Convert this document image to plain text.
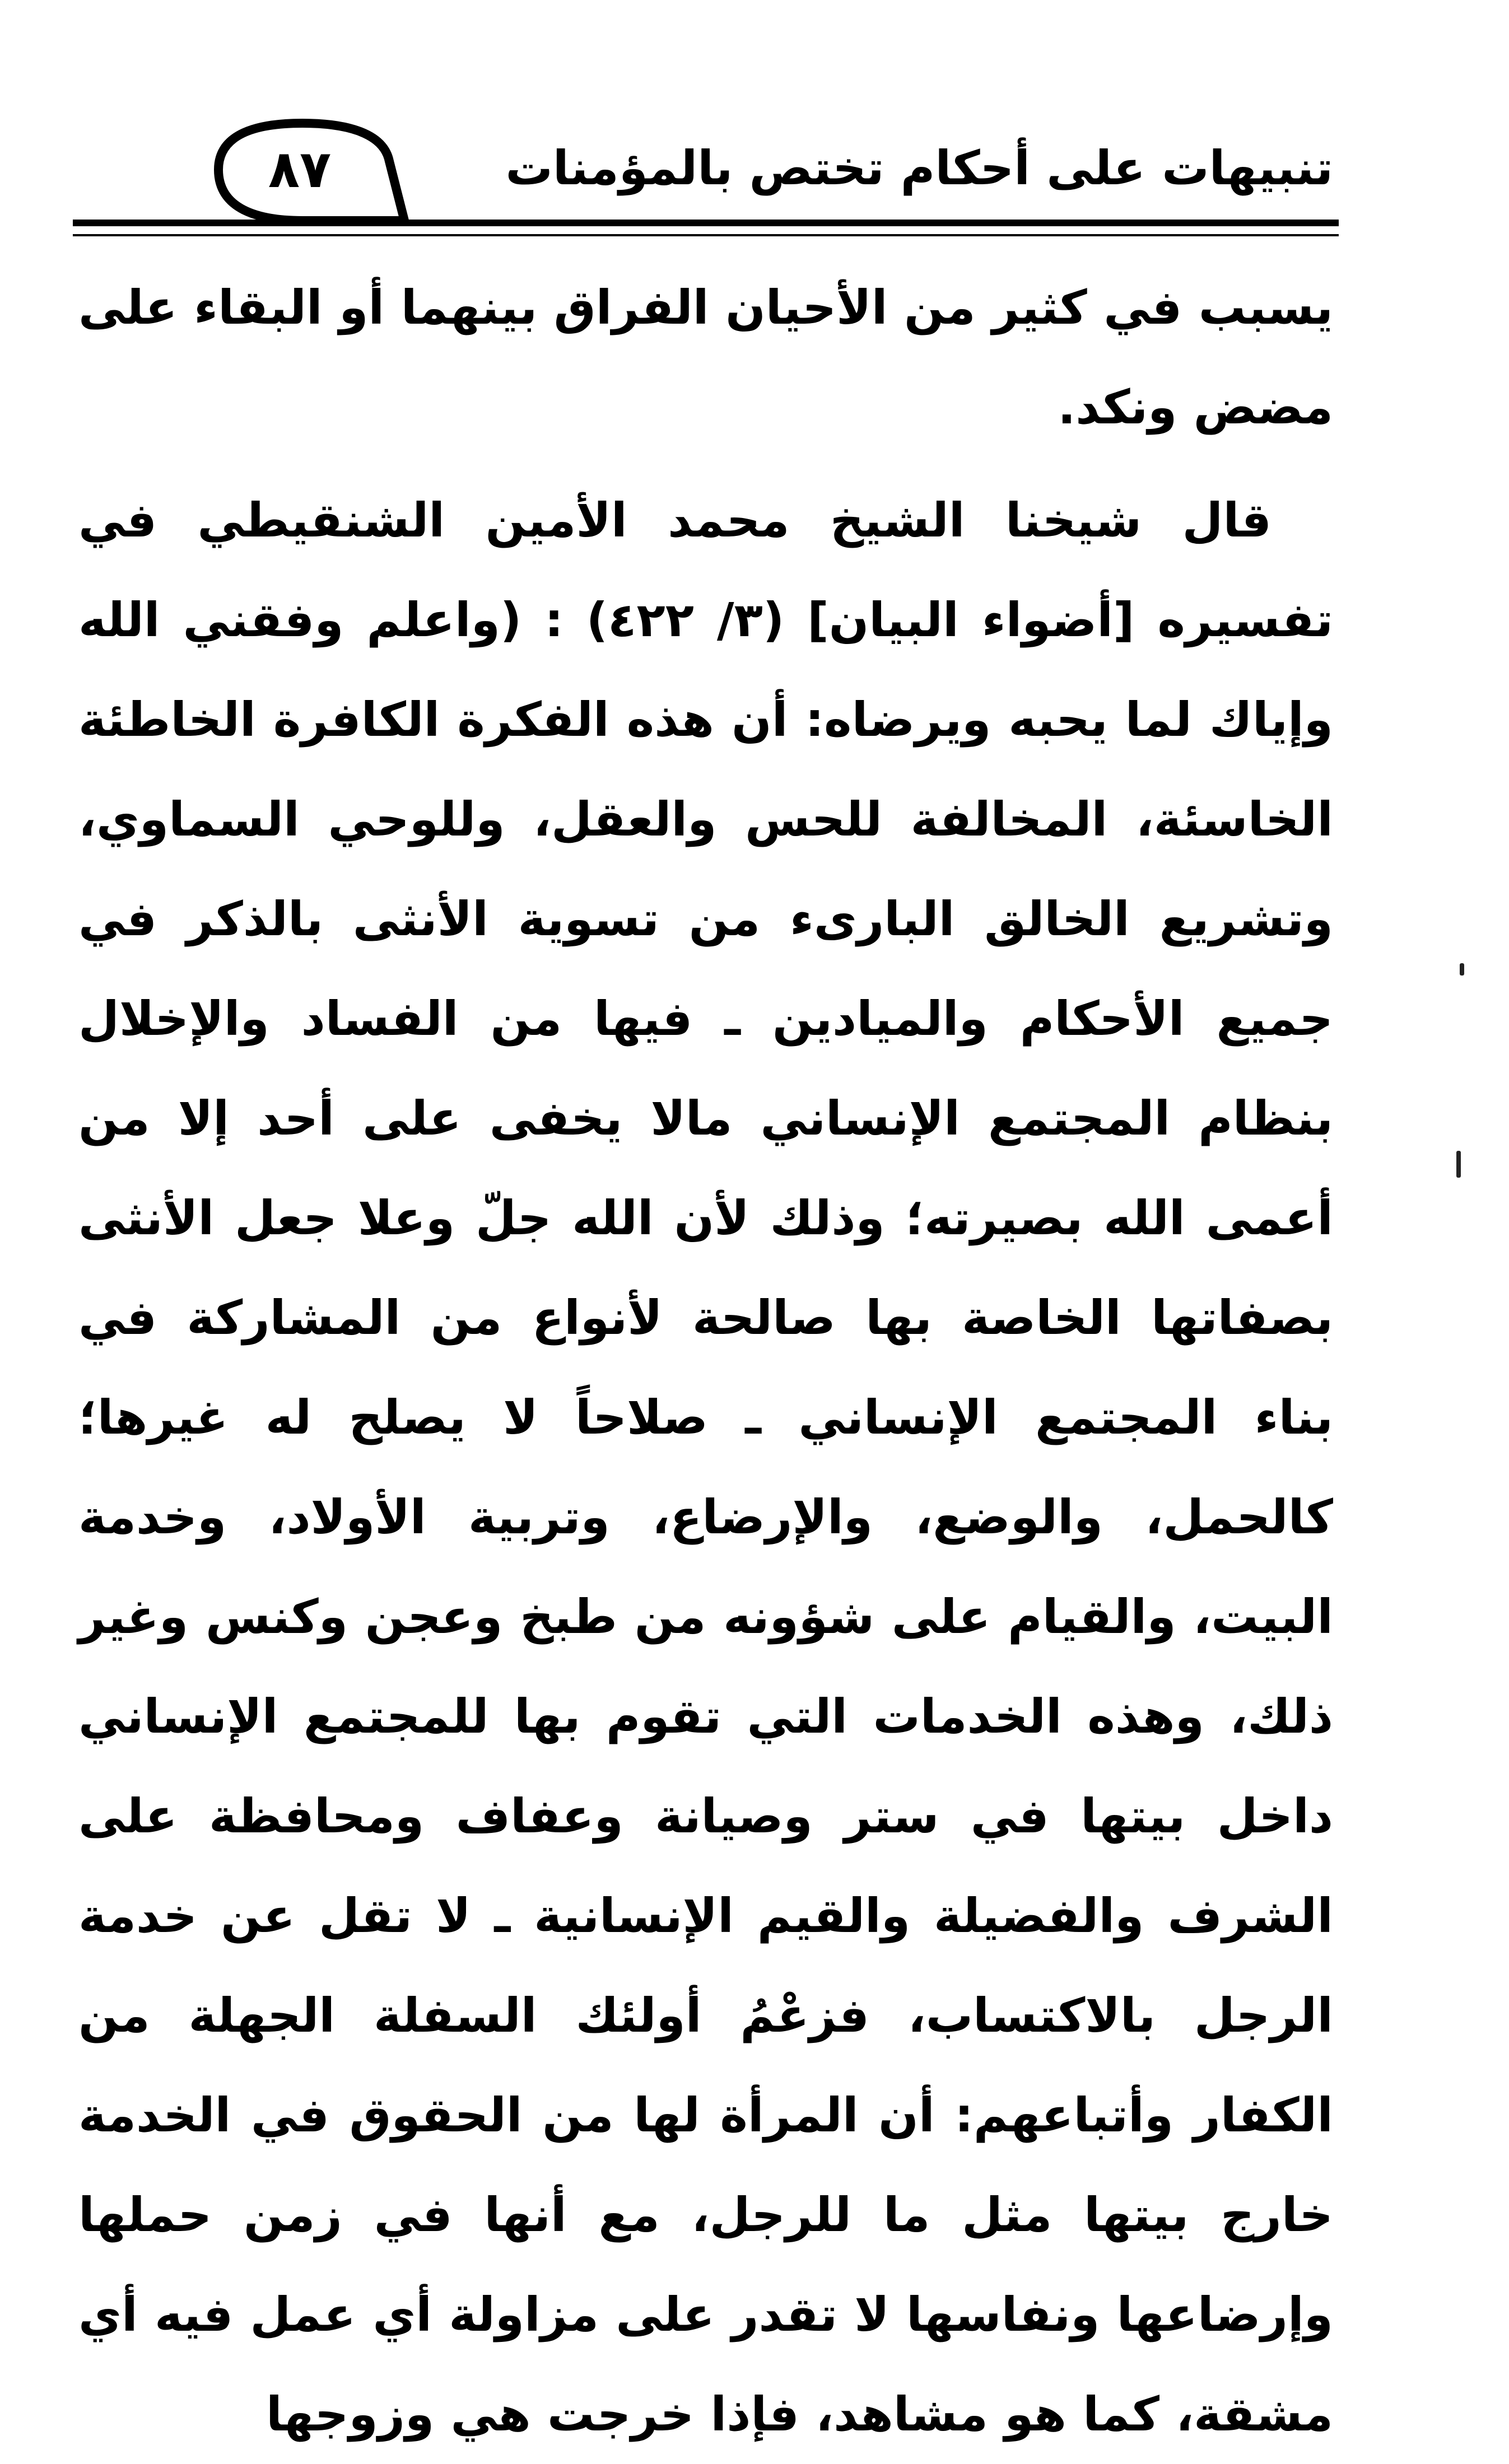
٨٧	تنبيهات على أحكام تختص بالمؤمنات

يسبب في كثير من الأحيان الفراق بينهما أو البقاء على مضض ونكد.

قال شيخنا الشيخ محمد الأمين الشنقيطي في تفسيره [أضواء البيان] (٣/ ٤٢٢) : (واعلم وفقني الله وإياك لما يحبه ويرضاه: أن هذه الفكرة الكافرة الخاطئة الخاسئة، المخالفة للحس والعقل، وللوحي السماوي، وتشريع الخالق البارىء من تسوية الأنثى بالذكر في جميع الأحكام والميادين ـ فيها من الفساد والإخلال بنظام المجتمع الإنساني مالا يخفى على أحد إلا من أعمى الله بصيرته؛ وذلك لأن الله جلّ وعلا جعل الأنثى بصفاتها الخاصة بها صالحة لأنواع من المشاركة في بناء المجتمع الإنساني ـ صلاحاً لا يصلح له غيرها؛ كالحمل، والوضع، والإرضاع، وتربية الأولاد، وخدمة البيت، والقيام على شؤونه من طبخ وعجن وكنس وغير ذلك، وهذه الخدمات التي تقوم بها للمجتمع الإنساني داخل بيتها في ستر وصيانة وعفاف ومحافظة على الشرف والفضيلة والقيم الإنسانية ـ لا تقل عن خدمة الرجل بالاكتساب، فزعْمُ أولئك السفلة الجهلة من الكفار وأتباعهم: أن المرأة لها من الحقوق في الخدمة خارج بيتها مثل ما للرجل، مع أنها في زمن حملها وإرضاعها ونفاسها لا تقدر على مزاولة أي عمل فيه أي مشقة، كما هو مشاهد، فإذا خرجت هي وزوجها
